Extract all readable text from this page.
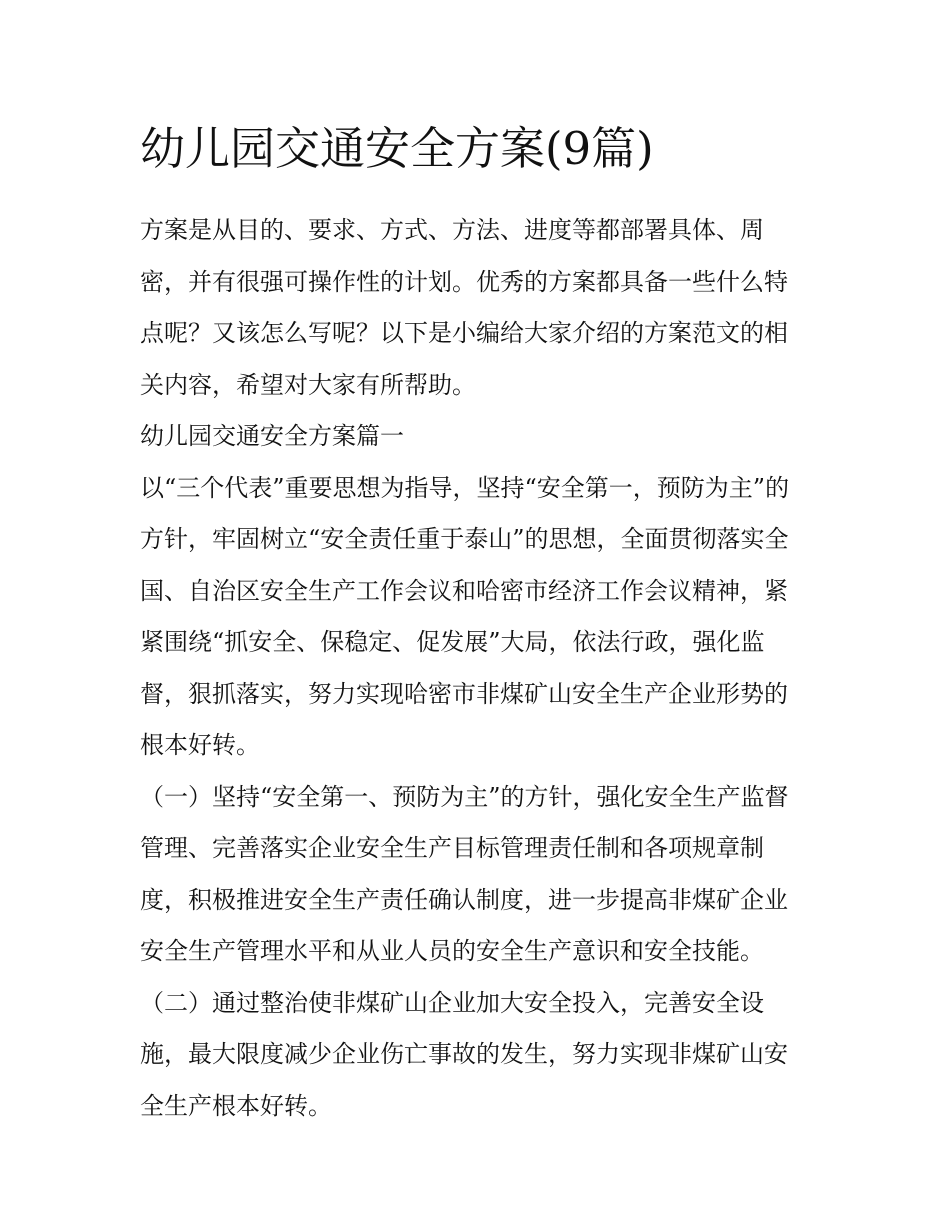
幼儿园交通安全方案(9篇)

方案是从目的、要求、方式、方法、进度等都部署具体、周
密，并有很强可操作性的计划。优秀的方案都具备一些什么特
点呢？又该怎么写呢？以下是小编给大家介绍的方案范文的相
关内容，希望对大家有所帮助。

幼儿园交通安全方案篇一

以“三个代表”重要思想为指导，坚持“安全第一，预防为主”的
方针，牢固树立“安全责任重于泰山”的思想，全面贯彻落实全
国、自治区安全生产工作会议和哈密市经济工作会议精神，紧
紧围绕“抓安全、保稳定、促发展”大局，依法行政，强化监
督，狠抓落实，努力实现哈密市非煤矿山安全生产企业形势的
根本好转。

（一）坚持“安全第一、预防为主”的方针，强化安全生产监督
管理、完善落实企业安全生产目标管理责任制和各项规章制
度，积极推进安全生产责任确认制度，进一步提高非煤矿企业
安全生产管理水平和从业人员的安全生产意识和安全技能。

（二）通过整治使非煤矿山企业加大安全投入，完善安全设
施，最大限度减少企业伤亡事故的发生，努力实现非煤矿山安
全生产根本好转。
